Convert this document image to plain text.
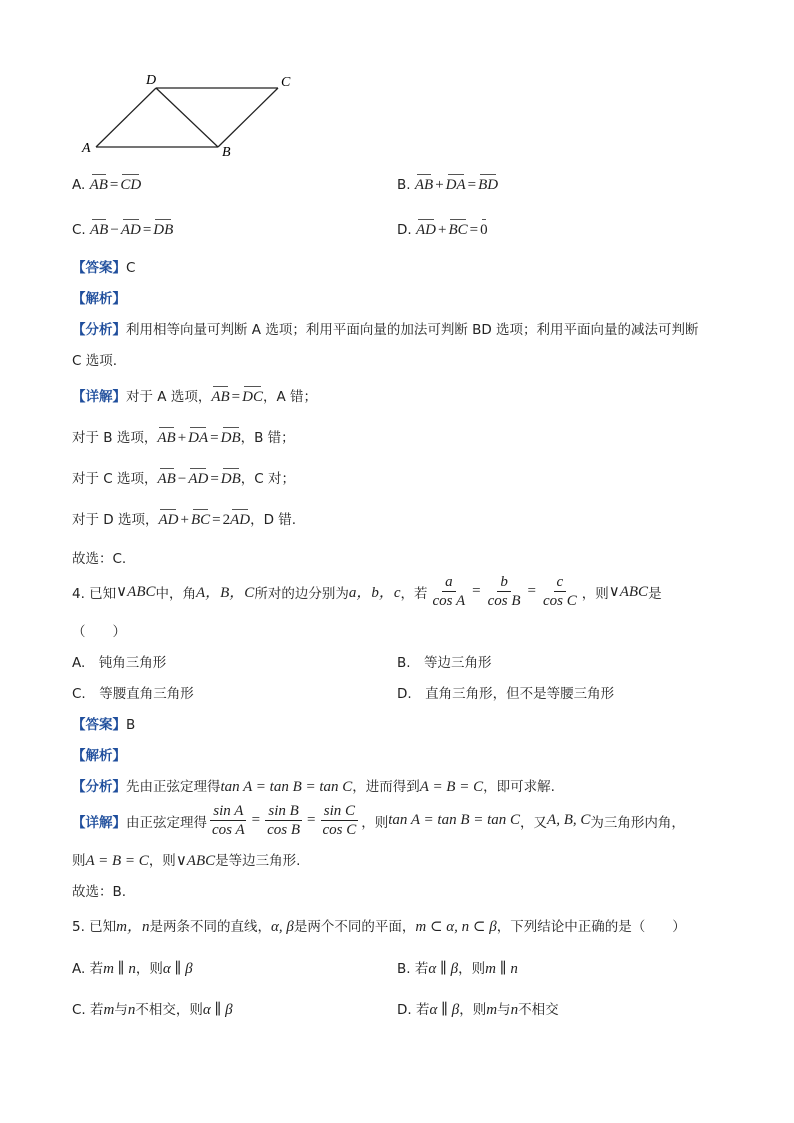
A	B
C
D
A. AB = CD	B. AB + DA = BD
C. AB − AD = DB	D. AD + BC = 0
【答案】C
【解析】
【分析】利用相等向量可判断 A 选项；利用平面向量的加法可判断 BD 选项；利用平面向量的减法可判断
C 选项.
【详解】对于 A 选项，AB = DC，A 错；
对于 B 选项，AB + DA = DB，B 错；
对于 C 选项，AB − AD = DB，C 对；
对于 D 选项，AD + BC = 2AD，D 错.
故选：C.
4. 已知 ∨ABC 中，角 A，B，C 所对的边分别为 a，b，c ，若 $\frac{a}{\text{cos A}} = \frac{b}{\text{cos B}} = \frac{c}{\text{cos C}}$ ，则 ∨ABC 是
（　　）
A.　钝角三角形	B.　等边三角形
C.　等腰直角三角形	D.　直角三角形，但不是等腰三角形
【答案】B
【解析】
【分析】先由正弦定理得tan A = tan B = tan C，进而得到A = B = C，即可求解.
【详解】 由正弦定理得 $\frac{\text{sin A}}{\text{cos A}} = \frac{\text{sin B}}{\text{cos B}} = \frac{\text{sin C}}{\text{cos C}}$ ，则 tan A = tan B = tan C ，又 A, B, C 为三角形内角，
则A = B = C，则∨ABC是等边三角形.
故选：B.
5. 已知m，n是两条不同的直线，α, β是两个不同的平面，m ⊂ α, n ⊂ β，下列结论中正确的是（　　）
A. 若m ∥ n，则α ∥ β	B. 若α ∥ β，则m ∥ n
C. 若m与n不相交，则α ∥ β	D. 若α ∥ β，则m与n不相交
